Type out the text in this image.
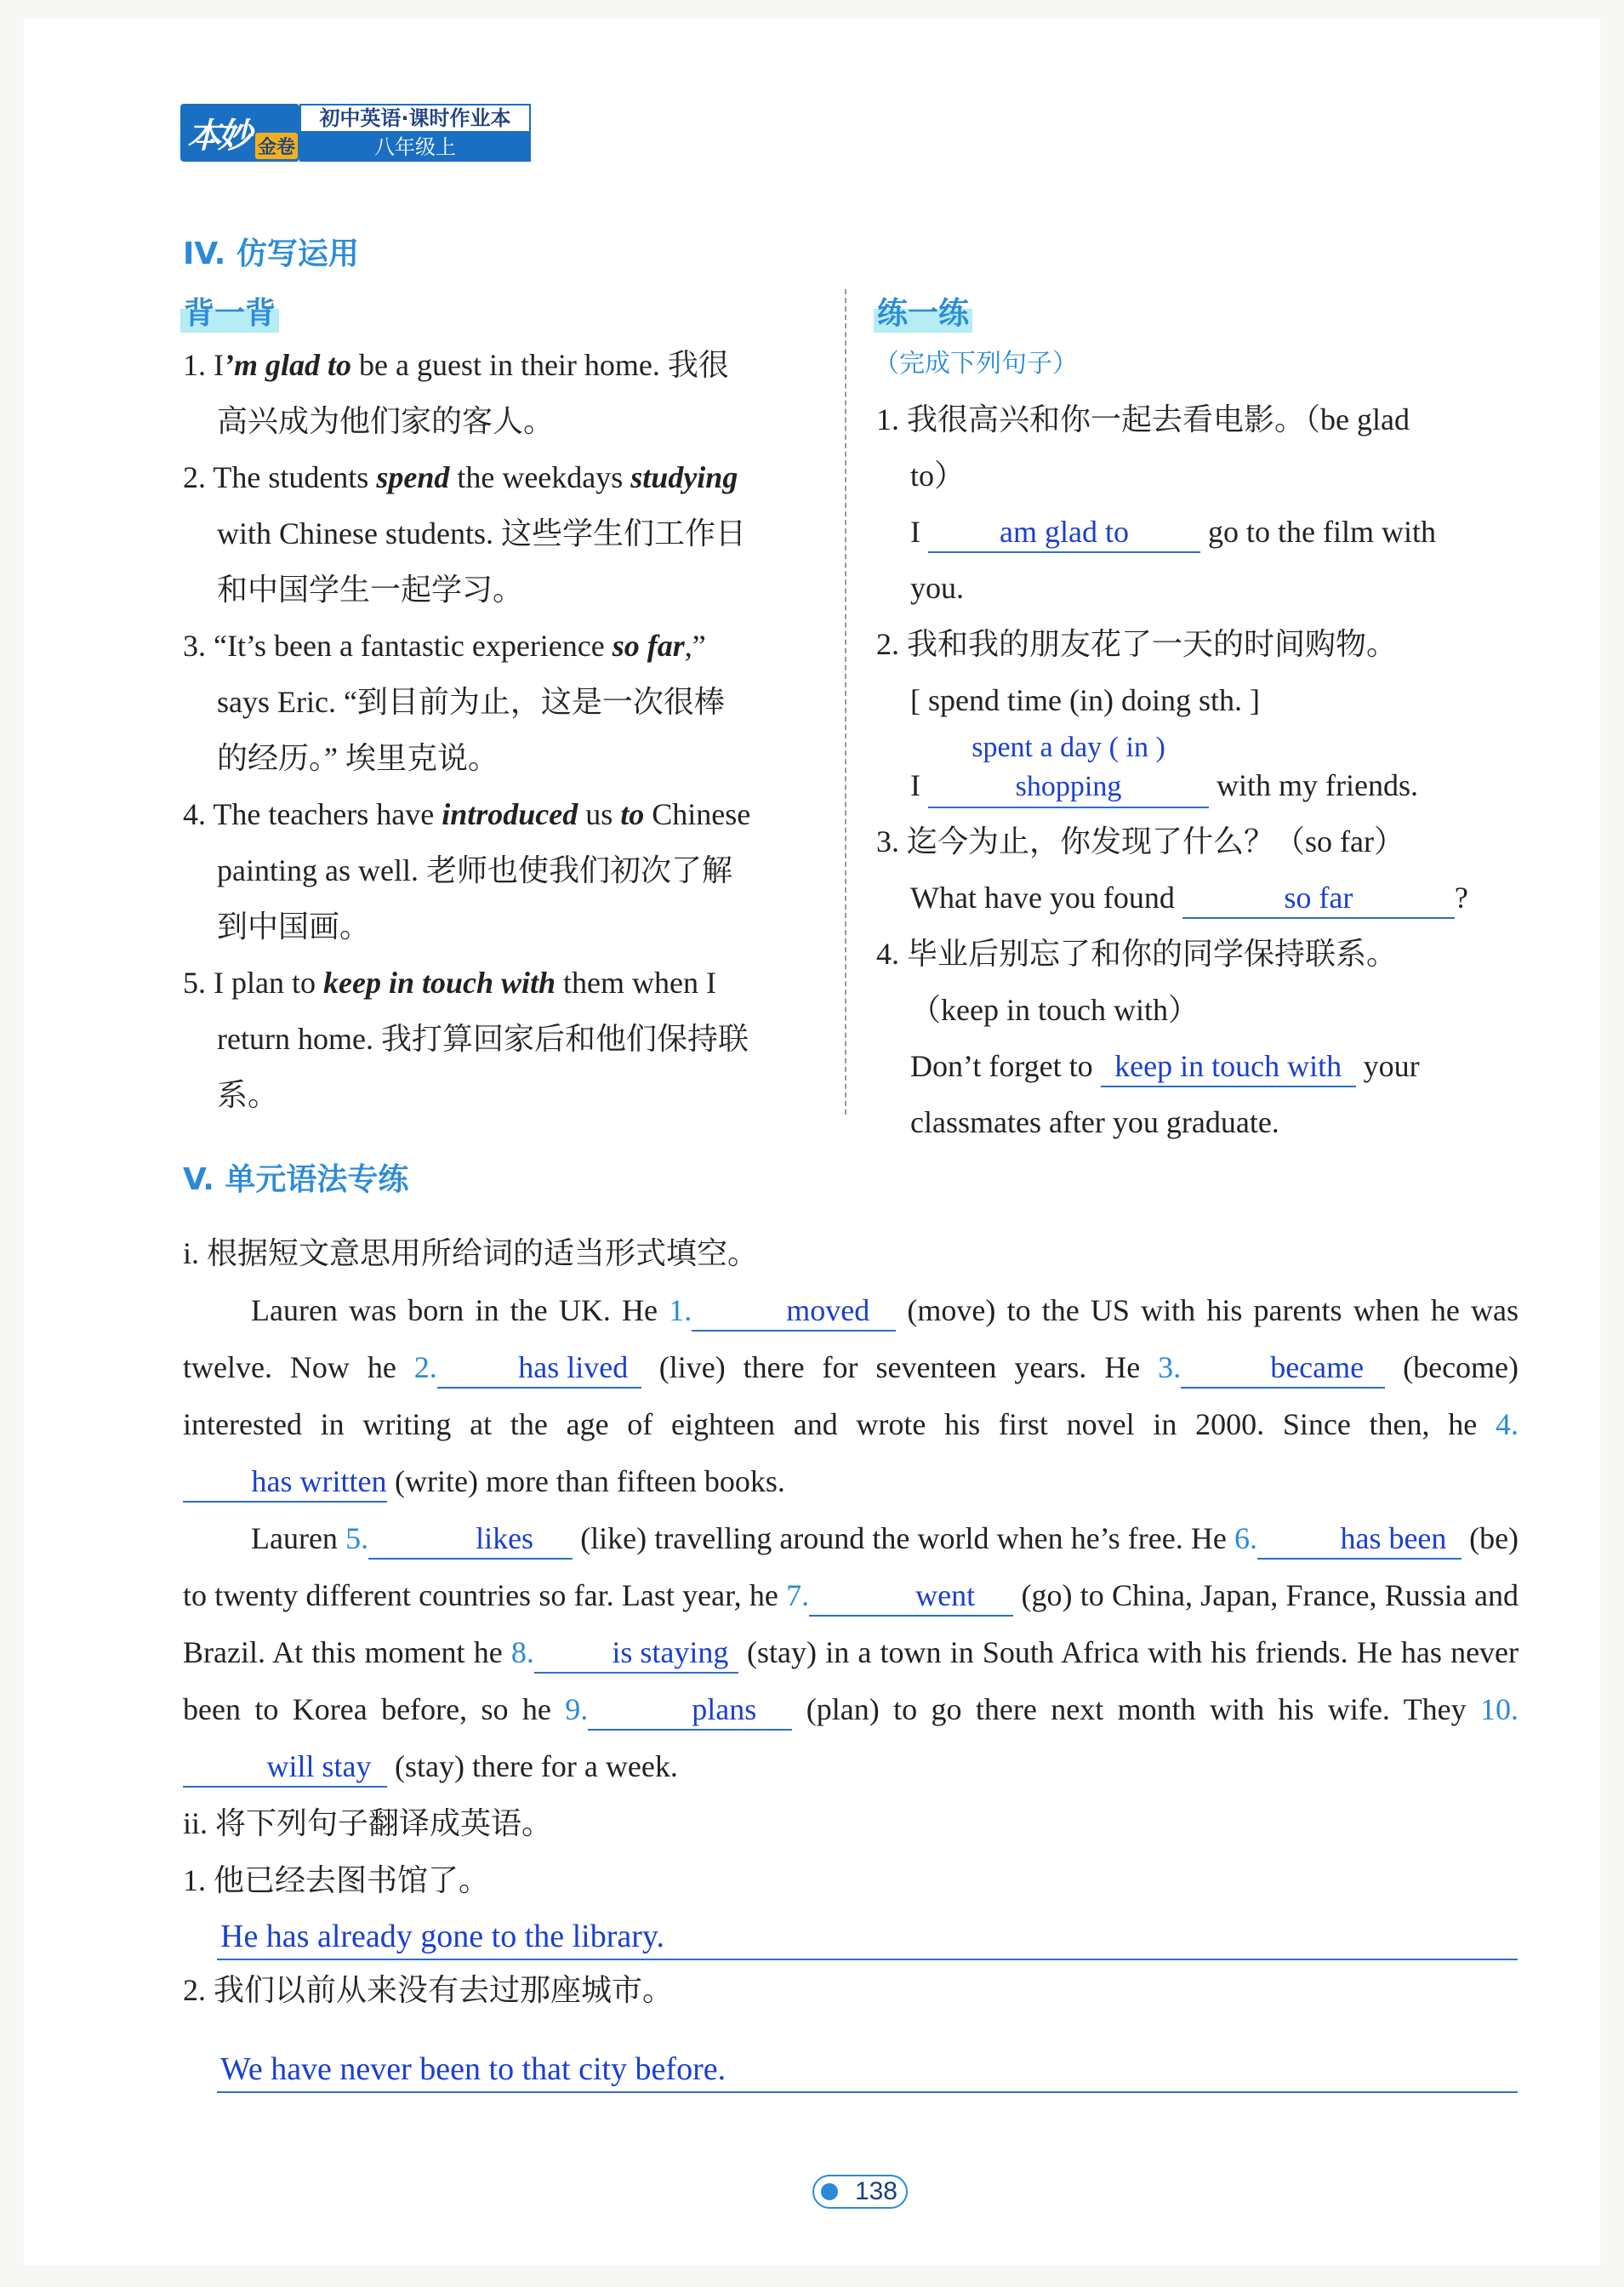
本妙 金卷
初中英语·课时作业本
八年级上
IV. 仿写运用
背一背	练一练

1. I’m glad to be a guest in their home. 我很

高兴成为他们家的客人。

2. The students spend the weekdays studying

with Chinese students. 这些学生们工作日

和中国学生一起学习。

3. “It’s been a fantastic experience so far,”

says Eric. “到目前为止，这是一次很棒

的经历。” 埃里克说。

4. The teachers have introduced us to Chinese

painting as well. 老师也使我们初次了解

到中国画。

5. I plan to keep in touch with them when I

return home. 我打算回家后和他们保持联

系。

（完成下列句子）

1. 我很高兴和你一起去看电影。（be glad

to）

I	am glad to	go to the film with

you.

2. 我和我的朋友花了一天的时间购物。

[ spend time (in) doing sth. ]

I spent a day ( in ) shopping	with my friends.

3. 迄今为止，你发现了什么？（so far）

What have you found	so far	?

4. 毕业后别忘了和你的同学保持联系。

（keep in touch with）

Don’t forget to keep in touch with your

classmates after you graduate.

V. 单元语法专练

i. 根据短文意思用所给词的适当形式填空。

Lauren was born in the UK. He 1.	moved (move) to the US with his parents when he was twelve. Now he 2.	has lived (live) there for seventeen years. He 3.	became (become) interested in writing at the age of eighteen and wrote his first novel in 2000. Since then, he 4.has written (write) more than fifteen books.

Lauren 5.	likes (like) travelling around the world when he’s free. He 6.	has been (be) to twenty different countries so far. Last year, he 7.	went (go) to China, Japan, France, Russia and Brazil. At this moment he 8.	is staying (stay) in a town in South Africa with his friends. He has never been to Korea before, so he 9.	plans (plan) to go there next month with his wife. They 10.will stay (stay) there for a week.

ii. 将下列句子翻译成英语。

1. 他已经去图书馆了。

He has already gone to the library.
2. 我们以前从来没有去过那座城市。
We have never been to that city before.
138
